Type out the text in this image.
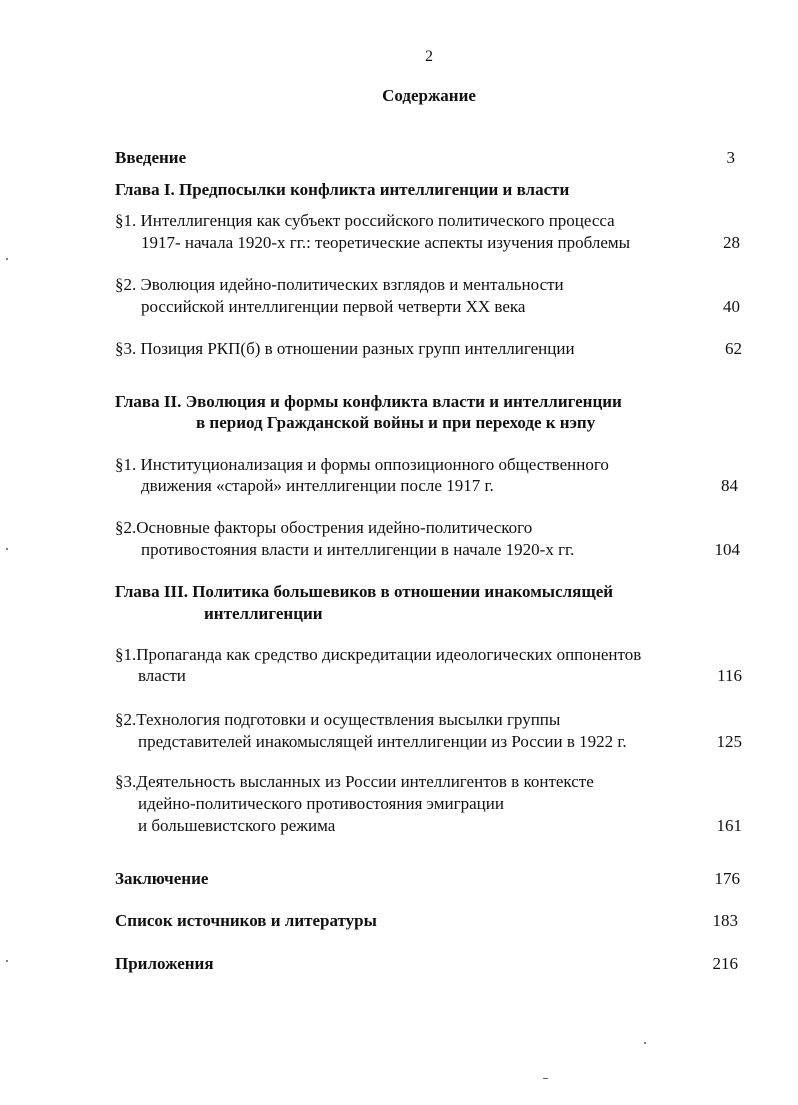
2
Содержание
Введение	3
Глава I. Предпосылки конфликта интеллигенции и власти
§1. Интеллигенция как субъект российского политического процесса
1917- начала 1920-х гг.: теоретические аспекты изучения проблемы	28
§2. Эволюция идейно-политических взглядов и ментальности
российской интеллигенции первой четверти XX века	40
§3. Позиция РКП(б) в отношении разных групп интеллигенции	62
Глава II. Эволюция и формы конфликта власти и интеллигенции
в период Гражданской войны и при переходе к нэпу
§1. Институционализация и формы оппозиционного общественного
движения «старой» интеллигенции после 1917 г.	84
§2.Основные факторы обострения идейно-политического
противостояния власти и интеллигенции в начале 1920-х гг.	104
Глава III. Политика большевиков в отношении инакомыслящей
интеллигенции
§1.Пропаганда как средство дискредитации идеологических оппонентов
власти	116
§2.Технология подготовки и осуществления высылки группы
представителей инакомыслящей интеллигенции из России в 1922 г.	125
§3.Деятельность высланных из России интеллигентов в контексте
идейно-политического противостояния эмиграции
и большевистского режима	161
Заключение	176
Список источников и литературы	183
Приложения	216
